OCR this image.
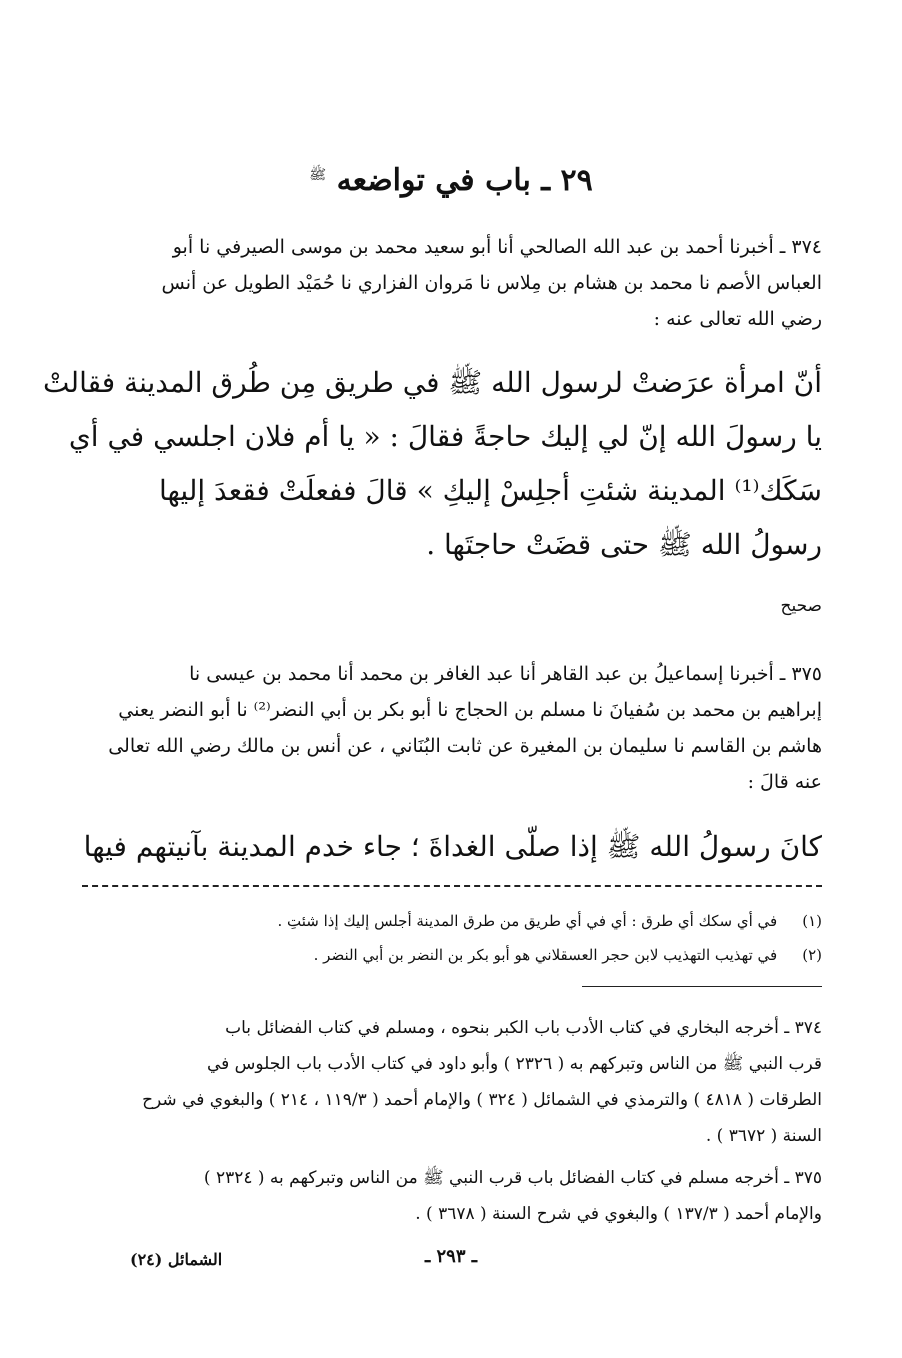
٢٩ ـ باب في تواضعه $^ﷺ$
٣٧٤ ـ أخبرنا أحمد بن عبد الله الصالحي أنا أبو سعيد محمد بن موسى الصيرفي نا أبو
العباس الأصم نا محمد بن هشام بن مِلاس نا مَروان الفزاري نا حُمَيْد الطويل عن أنس
رضي الله تعالى عنه :
أنّ امرأة عرَضتْ لرسول الله ﷺ في طريق مِن طُرق المدينة فقالتْ
يا رسولَ الله إنّ لي إليك حاجةً فقالَ : « يا أم فلان اجلسي في أي
سَكَك⁽¹⁾ المدينة شئتِ أجلِسْ إليكِ » قالَ ففعلَتْ فقعدَ إليها
رسولُ الله ﷺ حتى قضَتْ حاجتَها .
صحيح
٣٧٥ ـ أخبرنا إسماعيلُ بن عبد القاهر أنا عبد الغافر بن محمد أنا محمد بن عيسى نا
إبراهيم بن محمد بن سُفيانَ نا مسلم بن الحجاج نا أبو بكر بن أبي النضر⁽²⁾ نا أبو النضر يعني
هاشم بن القاسم نا سليمان بن المغيرة عن ثابت البُنَاني ، عن أنس بن مالك رضي الله تعالى
عنه قالَ :
كانَ رسولُ الله ﷺ إذا صلّى الغداةَ ؛ جاء خدم المدينة بآنيتهم فيها
(١) في أي سكك أي طرق : أي في أي طريق من طرق المدينة أجلس إليك إذا شئتِ .
(٢) في تهذيب التهذيب لابن حجر العسقلاني هو أبو بكر بن النضر بن أبي النضر .
٣٧٤ ـ أخرجه البخاري في كتاب الأدب باب الكبر بنحوه ، ومسلم في كتاب الفضائل باب
قرب النبي ﷺ من الناس وتبركهم به ( ٢٣٢٦ ) وأبو داود في كتاب الأدب باب الجلوس في
الطرقات ( ٤٨١٨ ) والترمذي في الشمائل ( ٣٢٤ ) والإمام أحمد ( ١١٩/٣ ، ٢١٤ ) والبغوي في شرح
السنة ( ٣٦٧٢ ) .
٣٧٥ ـ أخرجه مسلم في كتاب الفضائل باب قرب النبي ﷺ من الناس وتبركهم به ( ٢٣٢٤ )
والإمام أحمد ( ١٣٧/٣ ) والبغوي في شرح السنة ( ٣٦٧٨ ) .
ـ ٢٩٣ ـ
الشمائل (٢٤)
